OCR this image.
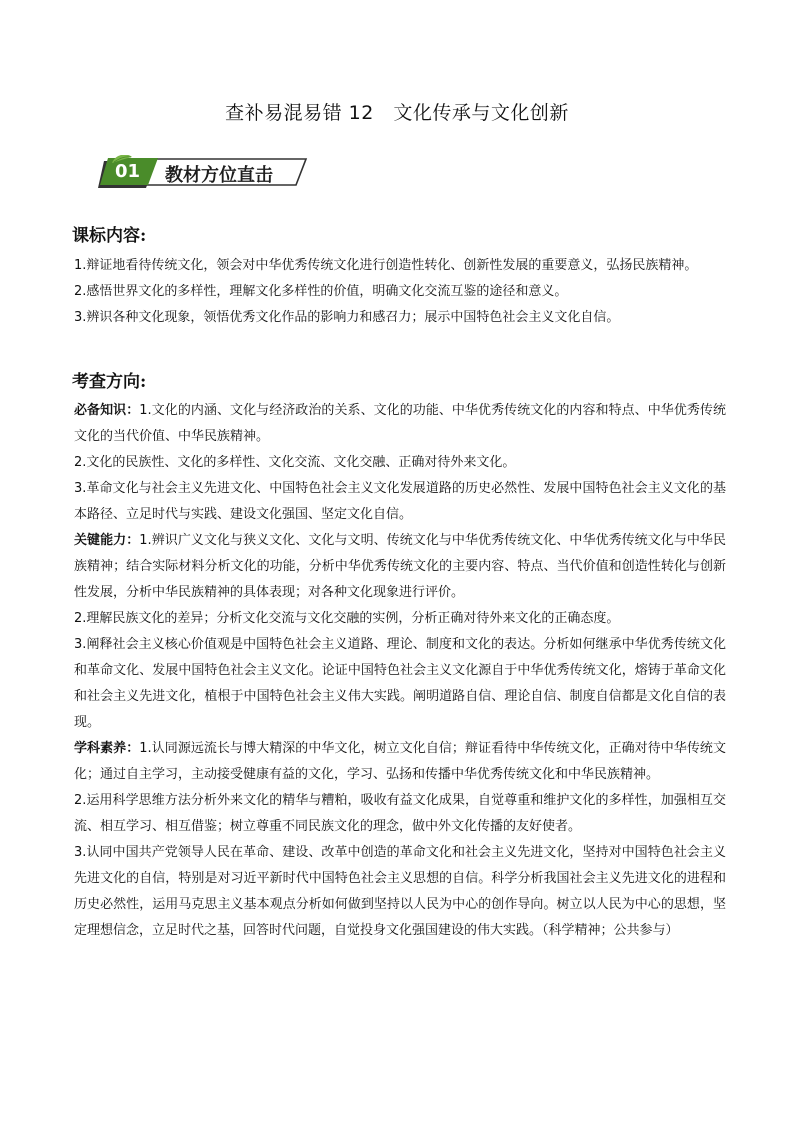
查补易混易错 12　文化传承与文化创新
01 教材方位直击
课标内容:

1.辩证地看待传统文化，领会对中华优秀传统文化进行创造性转化、创新性发展的重要意义，弘扬民族精神。

2.感悟世界文化的多样性，理解文化多样性的价值，明确文化交流互鉴的途径和意义。

3.辨识各种文化现象，领悟优秀文化作品的影响力和感召力；展示中国特色社会主义文化自信。

考查方向:

必备知识：1.文化的内涵、文化与经济政治的关系、文化的功能、中华优秀传统文化的内容和特点、中华优秀传统文化的当代价值、中华民族精神。

2.文化的民族性、文化的多样性、文化交流、文化交融、正确对待外来文化。

3.革命文化与社会主义先进文化、中国特色社会主义文化发展道路的历史必然性、发展中国特色社会主义文化的基本路径、立足时代与实践、建设文化强国、坚定文化自信。

关键能力：1.辨识广义文化与狭义文化、文化与文明、传统文化与中华优秀传统文化、中华优秀传统文化与中华民族精神；结合实际材料分析文化的功能，分析中华优秀传统文化的主要内容、特点、当代价值和创造性转化与创新性发展，分析中华民族精神的具体表现；对各种文化现象进行评价。

2.理解民族文化的差异；分析文化交流与文化交融的实例，分析正确对待外来文化的正确态度。

3.阐释社会主义核心价值观是中国特色社会主义道路、理论、制度和文化的表达。分析如何继承中华优秀传统文化和革命文化、发展中国特色社会主义文化。论证中国特色社会主义文化源自于中华优秀传统文化，熔铸于革命文化和社会主义先进文化，植根于中国特色社会主义伟大实践。阐明道路自信、理论自信、制度自信都是文化自信的表现。

学科素养：1.认同源远流长与博大精深的中华文化，树立文化自信；辩证看待中华传统文化，正确对待中华传统文化；通过自主学习，主动接受健康有益的文化，学习、弘扬和传播中华优秀传统文化和中华民族精神。

2.运用科学思维方法分析外来文化的精华与糟粕，吸收有益文化成果，自觉尊重和维护文化的多样性，加强相互交流、相互学习、相互借鉴；树立尊重不同民族文化的理念，做中外文化传播的友好使者。

3.认同中国共产党领导人民在革命、建设、改革中创造的革命文化和社会主义先进文化，坚持对中国特色社会主义先进文化的自信，特别是对习近平新时代中国特色社会主义思想的自信。科学分析我国社会主义先进文化的进程和历史必然性，运用马克思主义基本观点分析如何做到坚持以人民为中心的创作导向。树立以人民为中心的思想，坚定理想信念，立足时代之基，回答时代问题，自觉投身文化强国建设的伟大实践。（科学精神；公共参与）
